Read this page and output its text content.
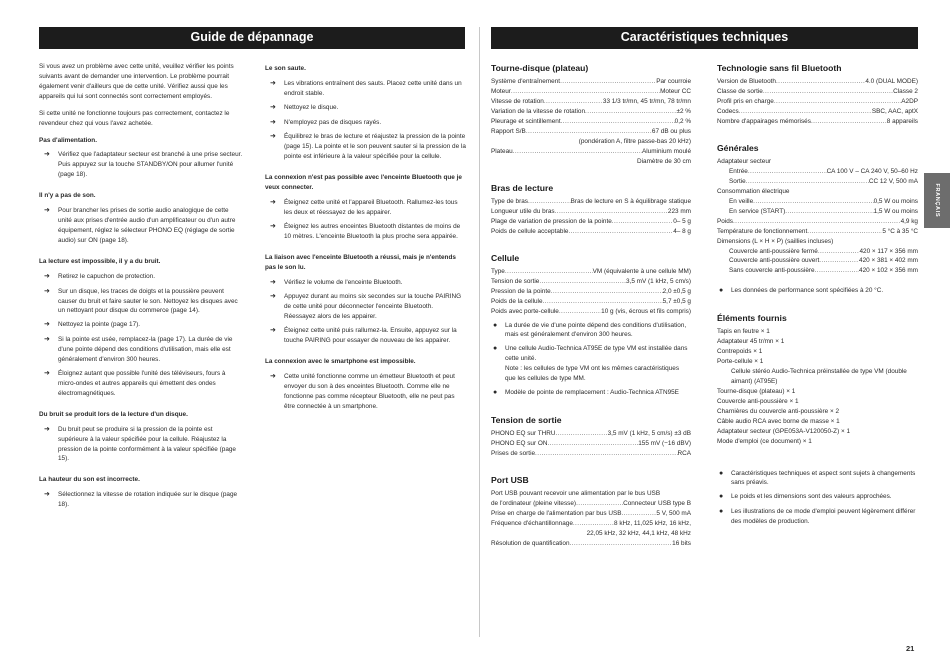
Guide de dépannage	Caractéristiques techniques

Si vous avez un problème avec cette unité, veuillez vérifier les points suivants avant de demander une intervention. Le problème pourrait également venir d'ailleurs que de cette unité. Vérifiez aussi que les appareils qui lui sont connectés sont correctement employés.

Si cette unité ne fonctionne toujours pas correctement, contactez le revendeur chez qui vous l'avez achetée.

Pas d'alimentation.
➜	Vérifiez que l'adaptateur secteur est branché à une prise secteur. Puis appuyez sur la touche STANDBY/ON pour allumer l'unité (page 18).
Il n'y a pas de son.
➜	Pour brancher les prises de sortie audio analogique de cette unité aux prises d'entrée audio d'un amplificateur ou d'un autre équipement, réglez le sélecteur PHONO EQ (réglage de sortie audio) sur ON (page 18).
La lecture est impossible, il y a du bruit.
➜	Retirez le capuchon de protection.
➜	Sur un disque, les traces de doigts et la poussière peuvent causer du bruit et faire sauter le son. Nettoyez les disques avec un nettoyant pour disque du commerce (page 14).
➜	Nettoyez la pointe (page 17).
➜	Si la pointe est usée, remplacez-la (page 17). La durée de vie d'une pointe dépend des conditions d'utilisation, mais elle est généralement d'environ 300 heures.
➜	Éloignez autant que possible l'unité des téléviseurs, fours à micro-ondes et autres appareils qui émettent des ondes électromagnétiques.
Du bruit se produit lors de la lecture d'un disque.
➜	Du bruit peut se produire si la pression de la pointe est supérieure à la valeur spécifiée pour la cellule. Réajustez la pression de la pointe conformément à la valeur spécifiée (page 15).
La hauteur du son est incorrecte.
➜	Sélectionnez la vitesse de rotation indiquée sur le disque (page 18).
Le son saute.
➜	Les vibrations entraînent des sauts. Placez cette unité dans un endroit stable.
➜	Nettoyez le disque.
➜	N'employez pas de disques rayés.
➜	Équilibrez le bras de lecture et réajustez la pression de la pointe (page 15). La pointe et le son peuvent sauter si la pression de la pointe est inférieure à la valeur spécifiée pour la cellule.
La connexion n'est pas possible avec l'enceinte Bluetooth que je veux connecter.
➜	Éteignez cette unité et l'appareil Bluetooth. Rallumez-les tous les deux et réessayez de les appairer.
➜	Éteignez les autres enceintes Bluetooth distantes de moins de 10 mètres. L'enceinte Bluetooth la plus proche sera appairée.
La liaison avec l'enceinte Bluetooth a réussi, mais je n'entends pas le son lu.
➜	Vérifiez le volume de l'enceinte Bluetooth.
➜	Appuyez durant au moins six secondes sur la touche PAIRING de cette unité pour déconnecter l'enceinte Bluetooth. Réessayez alors de les appairer.
➜	Éteignez cette unité puis rallumez-la. Ensuite, appuyez sur la touche PAIRING pour essayer de nouveau de les appairer.
La connexion avec le smartphone est impossible.
➜	Cette unité fonctionne comme un émetteur Bluetooth et peut envoyer du son à des enceintes Bluetooth. Comme elle ne fonctionne pas comme récepteur Bluetooth, elle ne peut pas être connectée à un smartphone.
Tourne-disque (plateau)
Système d'entraînement .....	Par courroie
Moteur .....	Moteur CC
Vitesse de rotation .....	33 1/3 tr/mn, 45 tr/mn, 78 tr/mn
Variation de la vitesse de rotation .....	±2 %
Pleurage et scintillement .....	0,2 %
Rapport S/B .....	67 dB ou plus
(pondération A, filtre passe-bas 20 kHz)
Plateau .....	Aluminium moulé
Diamètre de 30 cm
Bras de lecture
Type de bras .....	Bras de lecture en S à équilibrage statique
Longueur utile du bras .....	223 mm
Plage de variation de pression de la pointe .....	0– 5 g
Poids de cellule acceptable .....	4– 8 g
Cellule
Type .....	VM (équivalente à une cellule MM)
Tension de sortie .....	3,5 mV (1 kHz, 5 cm/s)
Pression de la pointe .....	2,0 ±0,5 g
Poids de la cellule .....	5,7 ±0,5 g
Poids avec porte-cellule .....	10 g (vis, écrous et fils compris)
●	La durée de vie d'une pointe dépend des conditions d'utilisation, mais est généralement d'environ 300 heures.
●	Une cellule Audio-Technica AT95E de type VM est installée dans cette unité.
Note : les cellules de type VM ont les mêmes caractéristiques que les cellules de type MM.
●	Modèle de pointe de remplacement : Audio-Technica ATN95E
Tension de sortie
PHONO EQ sur THRU .....	3,5 mV (1 kHz, 5 cm/s) ±3 dB
PHONO EQ sur ON .....	155 mV (−16 dBV)
Prises de sortie .....	RCA
Port USB
Port USB pouvant recevoir une alimentation par le bus USB
de l'ordinateur (pleine vitesse) .....	Connecteur USB type B
Prise en charge de l'alimentation par bus USB .....	5 V, 500 mA
Fréquence d'échantillonnage .....	8 kHz, 11,025 kHz, 16 kHz,
22,05 kHz, 32 kHz, 44,1 kHz, 48 kHz
Résolution de quantification .....	16 bits
Technologie sans fil Bluetooth
Version de Bluetooth .....	4.0 (DUAL MODE)
Classe de sortie .....	Classe 2
Profil pris en charge .....	A2DP
Codecs .....	SBC, AAC, aptX
Nombre d'appairages mémorisés .....	8 appareils
Générales
Adaptateur secteur
Entrée .....	CA 100 V – CA 240 V, 50–60 Hz
Sortie .....	CC 12 V, 500 mA
Consommation électrique
En veille .....	0,5 W ou moins
En service (START) .....	1,5 W ou moins
Poids .....	4,9 kg
Température de fonctionnement .....	5 °C à 35 °C
Dimensions (L × H × P) (saillies incluses)
Couvercle anti-poussière fermé .....	420 × 117 × 356 mm
Couvercle anti-poussière ouvert .....	420 × 381 × 402 mm
Sans couvercle anti-poussière .....	420 × 102 × 356 mm
●	Les données de performance sont spécifiées à 20 °C.
Éléments fournis
Tapis en feutre × 1
Adaptateur 45 tr/mn × 1
Contrepoids × 1
Porte-cellule × 1
Cellule stéréo Audio-Technica préinstallée de type VM (double aimant) (AT95E)
Tourne-disque (plateau) × 1
Couvercle anti-poussière × 1
Charnières du couvercle anti-poussière × 2
Câble audio RCA avec borne de masse × 1
Adaptateur secteur (GPE053A-V120050-Z) × 1
Mode d'emploi (ce document) × 1
●	Caractéristiques techniques et aspect sont sujets à changements sans préavis.
●	Le poids et les dimensions sont des valeurs approchées.
●	Les illustrations de ce mode d'emploi peuvent légèrement différer des modèles de production.
FRANÇAIS
21
